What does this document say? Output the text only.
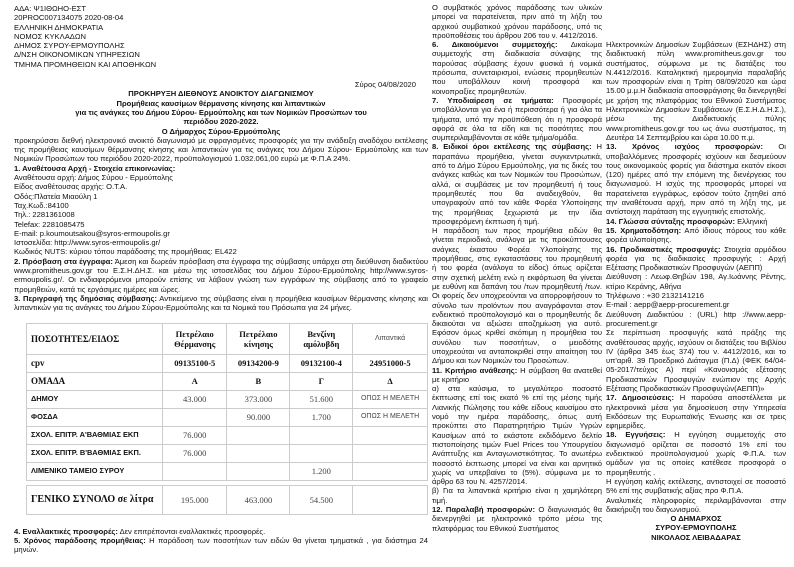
ΑΔΑ: Ψ1ΙΘΩΗΟ-ΕΣΤ
20PROC007134075 2020-08-04
ΕΛΛΗΝΙΚΗ ΔΗΜΟΚΡΑΤΙΑ
ΝΟΜΟΣ ΚΥΚΛΑΔΩΝ
ΔΗΜΟΣ ΣΥΡΟΥ-ΕΡΜΟΥΠΟΛΗΣ
Δ/ΝΣΗ ΟΙΚΟΝΟΜΙΚΩΝ ΥΠΗΡΕΣΙΩΝ
ΤΜΗΜΑ ΠΡΟΜΗΘΕΙΩΝ ΚΑΙ ΑΠΟΘΗΚΩΝ
Σύρος 04/08/2020
ΠΡΟΚΗΡΥΞΗ ΔΙΕΘΝΟΥΣ ΑΝΟΙΚΤΟΥ ΔΙΑΓΩΝΙΣΜΟΥ
Προμήθειας καυσίμων θέρμανσης κίνησης και λιπαντικών
για τις ανάγκες του Δήμου Σύρου- Ερμούπολης και των Νομικών Προσώπων του
περιόδου 2020-2022.
Ο Δήμαρχος Σύρου-Ερμούπολης

προκηρύσσει διεθνή ηλεκτρονικό ανοικτό διαγωνισμό με σφραγισμένες προσφορές για την ανάδειξη αναδόχου εκτέλεσης της προμήθειας καυσίμων θέρμανσης κίνησης και λιπαντικών για τις ανάγκες του Δήμου Σύρου- Ερμούπολης και των Νομικών Προσώπων του περιόδου 2020-2022, προϋπολογισμού 1.032.061,00 ευρώ με Φ.Π.Α 24%.

1. Αναθέτουσα Αρχή - Στοιχεία επικοινωνίας:
Αναθέτουσα αρχή: Δήμος Σύρου - Ερμούπολης
Είδος αναθέτουσας αρχής: Ο.Τ.Α.
Οδός:Πλατεία Μιαούλη 1
Ταχ.Κωδ.:84100
Τηλ.: 2281361008
Telefax: 2281085475
E-mail: p.koumoutsakou@syros-ermoupolis.gr
Ιστοσελίδα: http://www.syros-ermoupolis.gr/
Κωδικός NUTS: κύριου τόπου παράδοσης της προμήθειας: EL422

2. Πρόσβαση στα έγγραφα: Άμεση και δωρεάν πρόσβαση στα έγγραφα της σύμβασης υπάρχει στη διεύθυνση διαδικτύου www.promitheus.gov.gr του Ε.Σ.Η.ΔΗ.Σ. και μέσω της ιστοσελίδας του Δήμου Σύρου-Ερμούπολης http://www.syros-ermoupolis.gr/. Οι ενδιαφερόμενοι μπορούν επίσης να λάβουν γνώση των εγγράφων της σύμβασης από το γραφείο προμηθειών, κατά τις εργάσιμες ημέρες και ώρες.

3. Περιγραφή της δημόσιας σύμβασης: Αντικείμενο της σύμβασης είναι η προμήθεια καυσίμων θέρμανσης κίνησης και λιπαντικών για τις ανάγκες του Δήμου Σύρου-Ερμούπολης και τα Νομικά του Πρόσωπα για 24 μήνες.

ΠΟΣΟΤΗΤΕΣ/ΕΙΔΟΣ	Πετρέλαιο Θέρμανσης	Πετρέλαιο κίνησης	Βενζίνη αμόλυβδη	Λιπαντικά
cpv	09135100-5	09134200-9	09132100-4	24951000-5
ΟΜΑΔΑ	Α	Β	Γ	Δ
ΔΗΜΟΥ	43.000	373.000	51.600	ΟΠΩΣ Η ΜΕΛΕΤΗ
ΦΟΣΔΑ		90.000	1.700	ΟΠΩΣ Η ΜΕΛΕΤΗ
ΣΧΟΛ. ΕΠΙΤΡ. Α'ΒΑΘΜΙΑΣ ΕΚΠ	76.000			
ΣΧΟΛ. ΕΠΙΤΡ. Β'ΒΑΘΜΙΑΣ ΕΚΠ.	76.000			
ΛΙΜΕΝΙΚΟ ΤΑΜΕΙΟ ΣΥΡΟΥ			1.200	

ΓΕΝΙΚΟ ΣΥΝΟΛΟ σε λίτρα	195.000	463.000	54.500	

4. Εναλλακτικές προσφορές: Δεν επιτρέπονται εναλλακτικές προσφορές.

5. Χρόνος παράδοσης προμήθειας: Η παράδοση των ποσοτήτων των ειδών θα γίνεται τμηματικά , για διάστημα 24 μηνών.

Ο συμβατικός χρόνος παράδοσης των υλικών μπορεί να παρατείνεται, πριν από τη λήξη του αρχικού συμβατικού χρόνου παράδοσης, υπό τις προϋποθέσεις του άρθρου 206 του ν. 4412/2016.

6. Δικαιούμενοι συμμετοχής: Δικαίωμα συμμετοχής στη διαδικασία σύναψης της παρούσας σύμβασης έχουν φυσικά ή νομικά πρόσωπα, συνεταιρισμοί, ενώσεις προμηθευτών που υποβάλλουν κοινή προσφορά και κοινοπραξίες προμηθευτών.

7. Υποδιαίρεση σε τμήματα: Προσφορές υποβάλλονται για ένα ή περισσότερα ή για όλα τα τμήματα, υπό την προϋπόθεση ότι η προσφορά αφορά σε όλα τα είδη και τις ποσότητες που συμπεριλαμβάνονται σε κάθε τμήμα/ομάδα.

8. Ειδικοί όροι εκτέλεσης της σύμβασης: Η παραπάνω προμήθεια, γίνεται συγκεντρωτικά, από το Δήμο Σύρου Ερμούπολης, για τις δικές του ανάγκες καθώς και των Νομικών του Προσώπων, αλλά, οι συμβάσεις με τον προμηθευτή ή τους προμηθευτές που θα αναδειχθούν, θα υπογραφούν από τον κάθε Φορέα Υλοποίησης της προμήθειας ξεχωριστά με την ίδια προσφερόμενη έκπτωση ή τιμή.

Η παράδοση των προς προμήθεια ειδών θα γίνεται περιοδικά, ανάλογα με τις προκύπτουσες ανάγκες έκαστου Φορέα Υλοποίησης της προμήθειας, στις εγκαταστάσεις του προμηθευτή ή του φορέα (ανάλογα το είδος) όπως ορίζεται στην σχετική μελέτη ενώ η εκφόρτωση θα γίνεται με ευθύνη και δαπάνη του /των προμηθευτή /των. Οι φορείς δεν υποχρεούνται να απορροφήσουν το σύνολο των προϊόντων που αναγράφονται στον ενδεικτικό προϋπολογισμό και ο προμηθευτής δε δικαιούται να αξιώσει αποζημίωση για αυτό. Εφόσον όμως κριθεί σκόπιμη η προμήθεια του συνόλου των ποσοτήτων, ο μειοδότης υποχρεούται να ανταποκριθεί στην απαίτηση του Δήμου και των Νομικών του Προσώπων.

11. Κριτήριο ανάθεσης: Η σύμβαση θα ανατεθεί με κριτήριο

α) στα καύσιμα, το μεγαλύτερο ποσοστό έκπτωσης επί τοις εκατό % επί της μέσης τιμής Λιανικής Πώλησης του κάθε είδους καυσίμου στο νομό την ημέρα παράδοσης, όπως αυτή προκύπτει στο Παρατηρητήριο Τιμών Υγρών Καυσίμων από το εκάστοτε εκδιδόμενο δελτίο πιστοποίησης τιμών Fuel Prices του Υπουργείου Ανάπτυξης και Ανταγωνιστικότητας. Το ανωτέρω ποσοστό έκπτωσης μπορεί να είναι και αρνητικό χωρίς να υπερβαίνει το (5%). σύμφωνα με το άρθρο 63 του Ν. 4257/2014.

β) Για τα λιπαντικά κριτήριο είναι η χαμηλότερη τιμή.

12. Παραλαβή προσφορών: Ο διαγωνισμός θα διενεργηθεί με ηλεκτρονικό τρόπο μέσω της πλατφόρμας του Εθνικού Συστήματος

Ηλεκτρονικών Δημοσίων Συμβάσεων (ΕΣΗΔΗΣ) στη διαδικτυακή πύλη www.promitheus.gov.gr του συστήματος, σύμφωνα με τις διατάξεις του Ν.4412/2016. Καταληκτική ημερομηνία παραλαβής των προσφορών είναι η Τρίτη 08/09/2020 και ώρα 15.00 μ.μ.Η διαδικασία αποσφράγισης θα διενεργηθεί με χρήση της πλατφόρμας του Εθνικού Συστήματος Ηλεκτρονικών Δημοσίων Συμβάσεων (Ε.Σ.Η.Δ.Η.Σ.), μέσω της Διαδικτυακής πύλης www.promitheus.gov.gr του ως άνω συστήματος, τη Δευτέρα 14 Σεπτεμβρίου και ώρα 10.00 π.μ.

13. Χρόνος ισχύος προσφορών: Οι υποβαλλόμενες προσφορές ισχύουν και δεσμεύουν τους οικονομικούς φορείς για διάστημα εκατόν είκοσι (120) ημέρες από την επόμενη της διενέργειας του διαγωνισμού. Η ισχύς της προσφοράς μπορεί να παρατείνεται εγγράφως, εφόσον τούτο ζητηθεί από την αναθέτουσα αρχή, πριν από τη λήξη της, με αντίστοιχη παράταση της εγγυητικής επιστολής.

14. Γλώσσα σύνταξης προσφορών: Ελληνική

15. Χρηματοδότηση: Από ίδιους πόρους του κάθε φορέα υλοποίησης.

16. Προδικαστικές προσφυγές: Στοιχεία αρμόδιου φορέα για τις διαδικασίες προσφυγής : Αρχή Εξέτασης Προδικαστικών Προσφυγών (ΑΕΠΠ)

Διεύθυνση : Λεωφ.Θηβών 198, Αγ.Ιωάννης Ρέντης, κτίριο Κεράνης, Αθήνα

Τηλέφωνο : +30 2132141216

E-mail : aepp@aepp-procurement.gr

Διεύθυνση Διαδικτύου : (URL) http ://www.aepp-procurement.gr

Σε περίπτωση προσφυγής κατά πράξης της αναθέτουσας αρχής, ισχύουν οι διατάξεις του Βιβλίου IV (άρθρα 345 έως 374) του ν. 4412/2016, και το υπ'αριθ. 39 Προεδρικό Διάταγμα (Π.Δ) (ΦΕΚ 64/04-05-2017/τεύχος Α) περί «Κανονισμός εξέτασης Προδικαστικών Προσφυγών ενώπιον της Αρχής Εξέτασης Προδικαστικών Προσφυγών(ΑΕΠΠ)»

17. Δημοσιεύσεις: Η παρούσα αποστέλλεται με ηλεκτρονικά μέσα για δημοσίευση στην Υπηρεσία Εκδόσεων της Ευρωπαϊκής Ένωσης και σε τρεις εφημερίδες.

18. Εγγυήσεις: Η εγγύηση συμμετοχής στο διαγωνισμό ορίζεται σε ποσοστό 1% επί του ενδεικτικού προϋπολογισμού χωρίς Φ.Π.Α. των ομάδων για τις οποίες κατέθεσε προσφορά ο προμηθευτής .

Η εγγύηση καλής εκτέλεσης, αντιστοιχεί σε ποσοστό 5% επί της συμβατικής αξίας προ Φ.Π.Α.

Αναλυτικές πληροφορίες περιλαμβάνονται στην διακήρυξη του διαγωνισμού.

Ο ΔΗΜΑΡΧΟΣ
ΣΥΡΟΥ-ΕΡΜΟΥΠΟΛΗΣ
ΝΙΚΟΛΑΟΣ ΛΕΙΒΑΔΑΡΑΣ
